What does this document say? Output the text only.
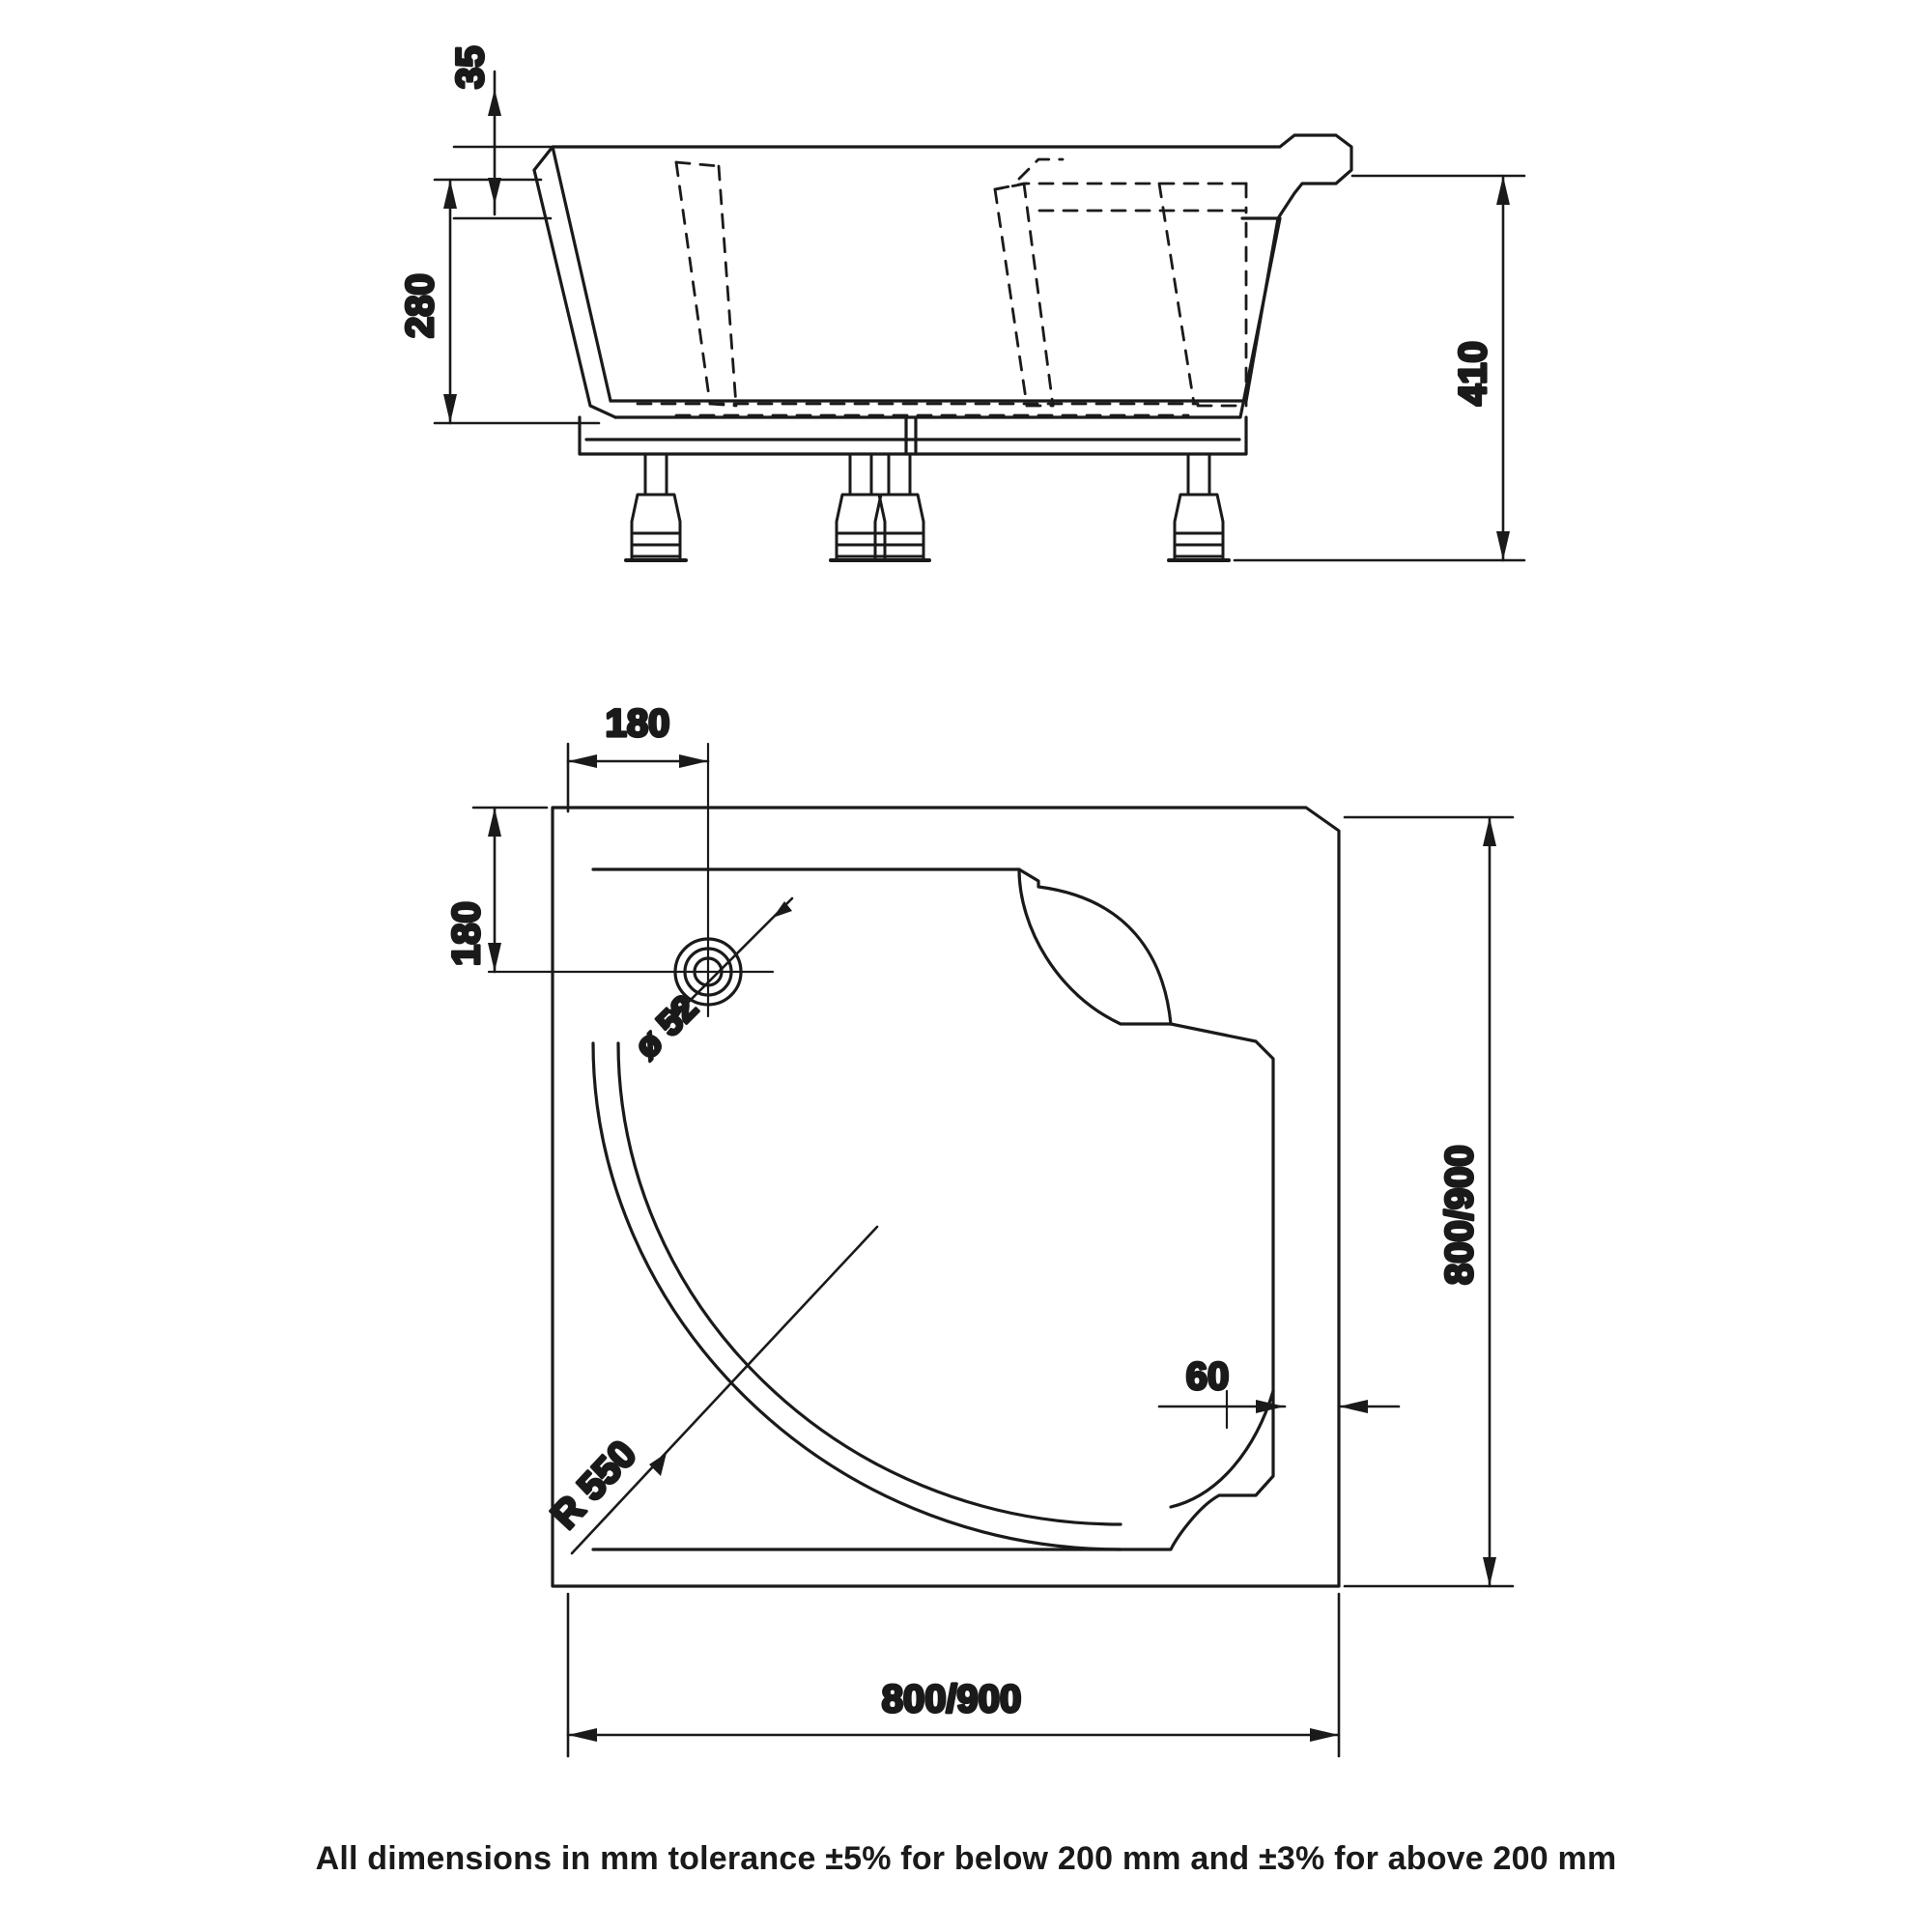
35
280
410
180
180
ø 52
R 550
60
800/900
800/900
All dimensions in mm tolerance ±5% for below 200 mm and ±3% for above 200 mm
